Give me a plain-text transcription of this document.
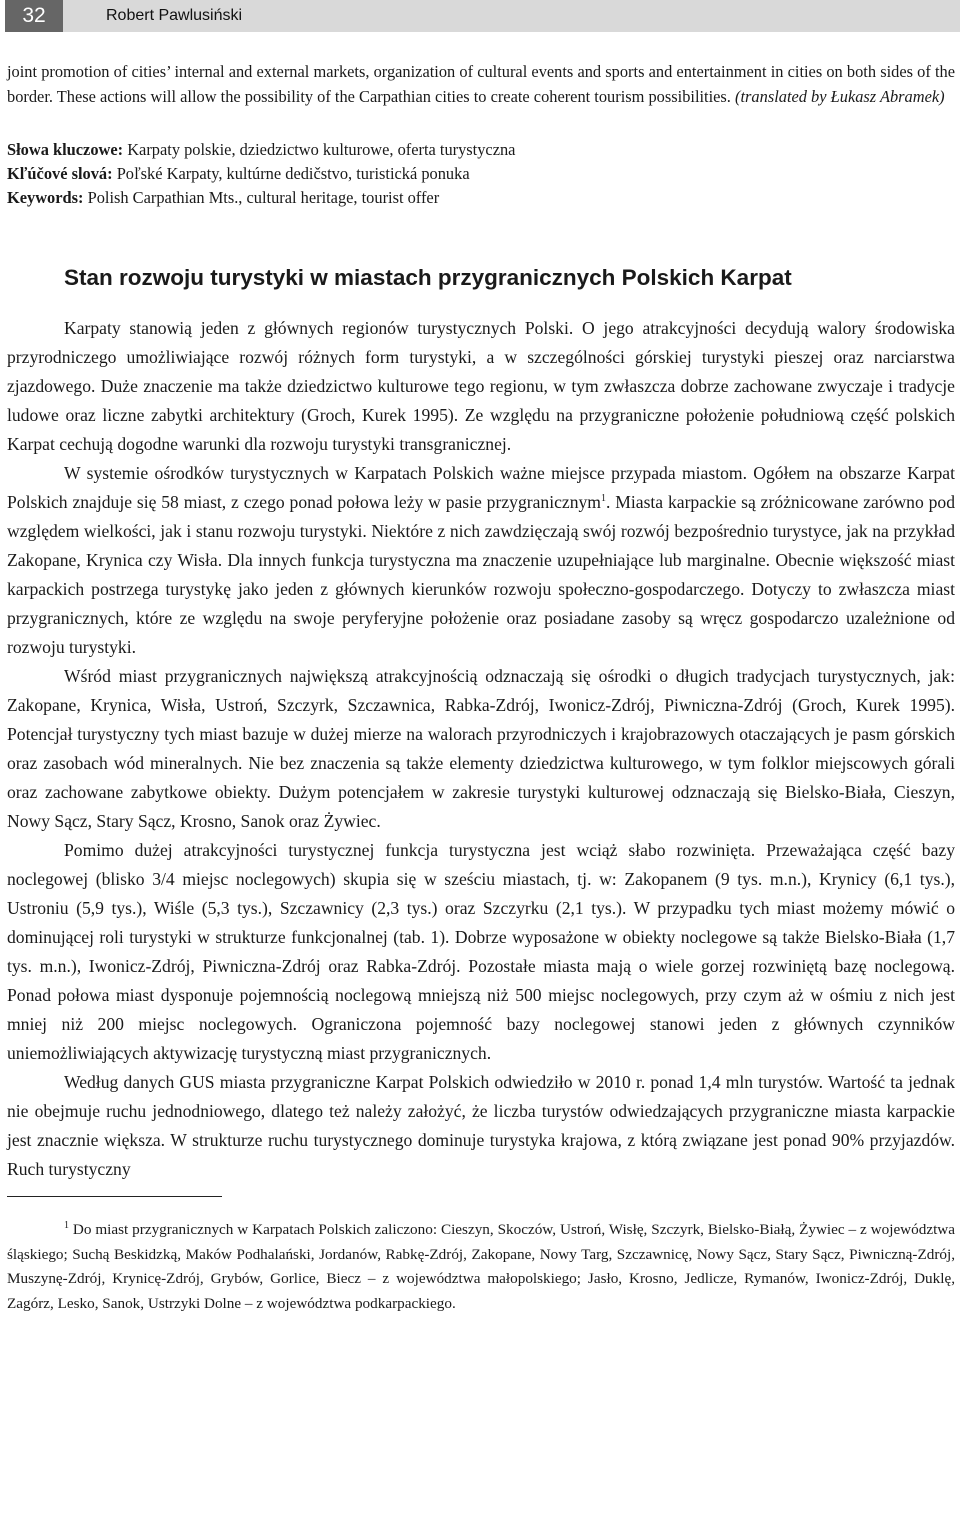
32	Robert Pawlusiński

joint promotion of cities’ internal and external markets, organization of cultural events and sports and entertainment in cities on both sides of the border. These actions will allow the possibility of the Carpathian cities to create coherent tourism possibilities. (translated by Łukasz Abramek)

Słowa kluczowe: Karpaty polskie, dziedzictwo kulturowe, oferta turystyczna

Kľúčové slová: Poľské Karpaty, kultúrne dedičstvo, turistická ponuka

Keywords: Polish Carpathian Mts., cultural heritage, tourist offer

Stan rozwoju turystyki w miastach przygranicznych Polskich Karpat

Karpaty stanowią jeden z głównych regionów turystycznych Polski. O jego atrakcyjności decydują walory środowiska przyrodniczego umożliwiające rozwój różnych form turystyki, a w szczególności górskiej turystyki pieszej oraz narciarstwa zjazdowego. Duże znaczenie ma także dziedzictwo kulturowe tego regionu, w tym zwłaszcza dobrze zachowane zwyczaje i tradycje ludowe oraz liczne zabytki architektury (Groch, Kurek 1995). Ze względu na przygraniczne położenie południową część polskich Karpat cechują dogodne warunki dla rozwoju turystyki transgranicznej.

W systemie ośrodków turystycznych w Karpatach Polskich ważne miejsce przypada miastom. Ogółem na obszarze Karpat Polskich znajduje się 58 miast, z czego ponad połowa leży w pasie przygranicznym$^1$. Miasta karpackie są zróżnicowane zarówno pod względem wielkości, jak i stanu rozwoju turystyki. Niektóre z nich zawdzięczają swój rozwój bezpośrednio turystyce, jak na przykład Zakopane, Krynica czy Wisła. Dla innych funkcja turystyczna ma znaczenie uzupełniające lub marginalne. Obecnie większość miast karpackich postrzega turystykę jako jeden z głównych kierunków rozwoju społeczno-gospodarczego. Dotyczy to zwłaszcza miast przygranicznych, które ze względu na swoje peryferyjne położenie oraz posiadane zasoby są wręcz gospodarczo uzależnione od rozwoju turystyki.

Wśród miast przygranicznych największą atrakcyjnością odznaczają się ośrodki o długich tradycjach turystycznych, jak: Zakopane, Krynica, Wisła, Ustroń, Szczyrk, Szczawnica, Rabka-Zdrój, Iwonicz-Zdrój, Piwniczna-Zdrój (Groch, Kurek 1995). Potencjał turystyczny tych miast bazuje w dużej mierze na walorach przyrodniczych i krajobrazowych otaczających je pasm górskich oraz zasobach wód mineralnych. Nie bez znaczenia są także elementy dziedzictwa kulturowego, w tym folklor miejscowych górali oraz zachowane zabytkowe obiekty. Dużym potencjałem w zakresie turystyki kulturowej odznaczają się Bielsko-Biała, Cieszyn, Nowy Sącz, Stary Sącz, Krosno, Sanok oraz Żywiec.

Pomimo dużej atrakcyjności turystycznej funkcja turystyczna jest wciąż słabo rozwinięta. Przeważająca część bazy noclegowej (blisko 3/4 miejsc noclegowych) skupia się w sześciu miastach, tj. w: Zakopanem (9 tys. m.n.), Krynicy (6,1 tys.), Ustroniu (5,9 tys.), Wiśle (5,3 tys.), Szczawnicy (2,3 tys.) oraz Szczyrku (2,1 tys.). W przypadku tych miast możemy mówić o dominującej roli turystyki w strukturze funkcjonalnej (tab. 1). Dobrze wyposażone w obiekty noclegowe są także Bielsko-Biała (1,7 tys. m.n.), Iwonicz-Zdrój, Piwniczna-Zdrój oraz Rabka-Zdrój. Pozostałe miasta mają o wiele gorzej rozwiniętą bazę noclegową. Ponad połowa miast dysponuje pojemnością noclegową mniejszą niż 500 miejsc noclegowych, przy czym aż w ośmiu z nich jest mniej niż 200 miejsc noclegowych. Ograniczona pojemność bazy noclegowej stanowi jeden z głównych czynników uniemożliwiających aktywizację turystyczną miast przygranicznych.

Według danych GUS miasta przygraniczne Karpat Polskich odwiedziło w 2010 r. ponad 1,4 mln turystów. Wartość ta jednak nie obejmuje ruchu jednodniowego, dlatego też należy założyć, że liczba turystów odwiedzających przygraniczne miasta karpackie jest znacznie większa. W strukturze ruchu turystycznego dominuje turystyka krajowa, z którą związane jest ponad 90% przyjazdów. Ruch turystyczny

$^1$ Do miast przygranicznych w Karpatach Polskich zaliczono: Cieszyn, Skoczów, Ustroń, Wisłę, Szczyrk, Bielsko-Białą, Żywiec – z województwa śląskiego; Suchą Beskidzką, Maków Podhalański, Jordanów, Rabkę-Zdrój, Zakopane, Nowy Targ, Szczawnicę, Nowy Sącz, Stary Sącz, Piwniczną-Zdrój, Muszynę-Zdrój, Krynicę-Zdrój, Grybów, Gorlice, Biecz – z województwa małopolskiego; Jasło, Krosno, Jedlicze, Rymanów, Iwonicz-Zdrój, Duklę, Zagórz, Lesko, Sanok, Ustrzyki Dolne – z województwa podkarpackiego.
